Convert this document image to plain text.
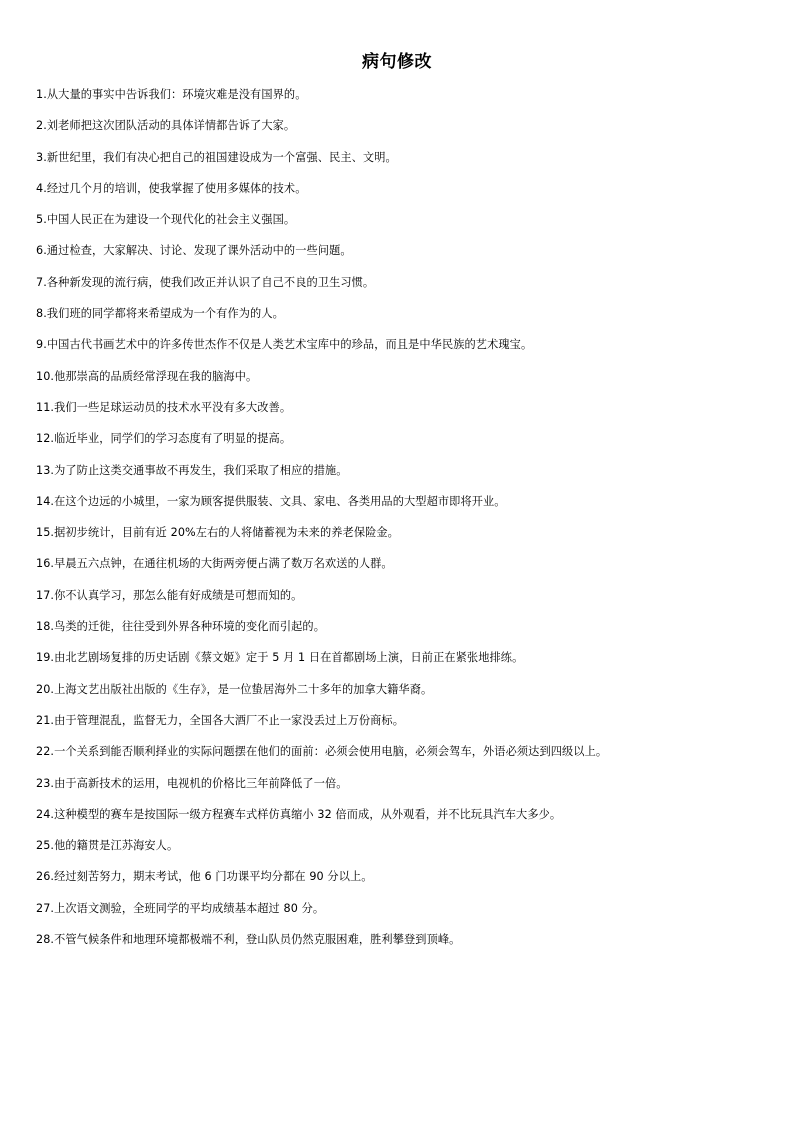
病句修改
1.从大量的事实中告诉我们：环境灾难是没有国界的。
2.刘老师把这次团队活动的具体详情都告诉了大家。
3.新世纪里，我们有决心把自己的祖国建设成为一个富强、民主、文明。
4.经过几个月的培训，使我掌握了使用多媒体的技术。
5.中国人民正在为建设一个现代化的社会主义强国。
6.通过检查，大家解决、讨论、发现了课外活动中的一些问题。
7.各种新发现的流行病，使我们改正并认识了自己不良的卫生习惯。
8.我们班的同学都将来希望成为一个有作为的人。
9.中国古代书画艺术中的许多传世杰作不仅是人类艺术宝库中的珍品，而且是中华民族的艺术瑰宝。
10.他那崇高的品质经常浮现在我的脑海中。
11.我们一些足球运动员的技术水平没有多大改善。
12.临近毕业，同学们的学习态度有了明显的提高。
13.为了防止这类交通事故不再发生，我们采取了相应的措施。
14.在这个边远的小城里，一家为顾客提供服装、文具、家电、各类用品的大型超市即将开业。
15.据初步统计，目前有近 20%左右的人将储蓄视为未来的养老保险金。
16.早晨五六点钟，在通往机场的大街两旁便占满了数万名欢送的人群。
17.你不认真学习，那怎么能有好成绩是可想而知的。
18.鸟类的迁徙，往往受到外界各种环境的变化而引起的。
19.由北艺剧场复排的历史话剧《蔡文姬》定于 5 月 1 日在首都剧场上演，日前正在紧张地排练。
20.上海文艺出版社出版的《生存》，是一位蛰居海外二十多年的加拿大籍华裔。
21.由于管理混乱，监督无力，全国各大酒厂不止一家没丢过上万份商标。
22.一个关系到能否顺利择业的实际问题摆在他们的面前：必须会使用电脑，必须会驾车，外语必须达到四级以上。
23.由于高新技术的运用，电视机的价格比三年前降低了一倍。
24.这种模型的赛车是按国际一级方程赛车式样仿真缩小 32 倍而成，从外观看，并不比玩具汽车大多少。
25.他的籍贯是江苏海安人。
26.经过刻苦努力，期末考试，他 6 门功课平均分都在 90 分以上。
27.上次语文测验，全班同学的平均成绩基本超过 80 分。
28.不管气候条件和地理环境都极端不利，登山队员仍然克服困难，胜利攀登到顶峰。
